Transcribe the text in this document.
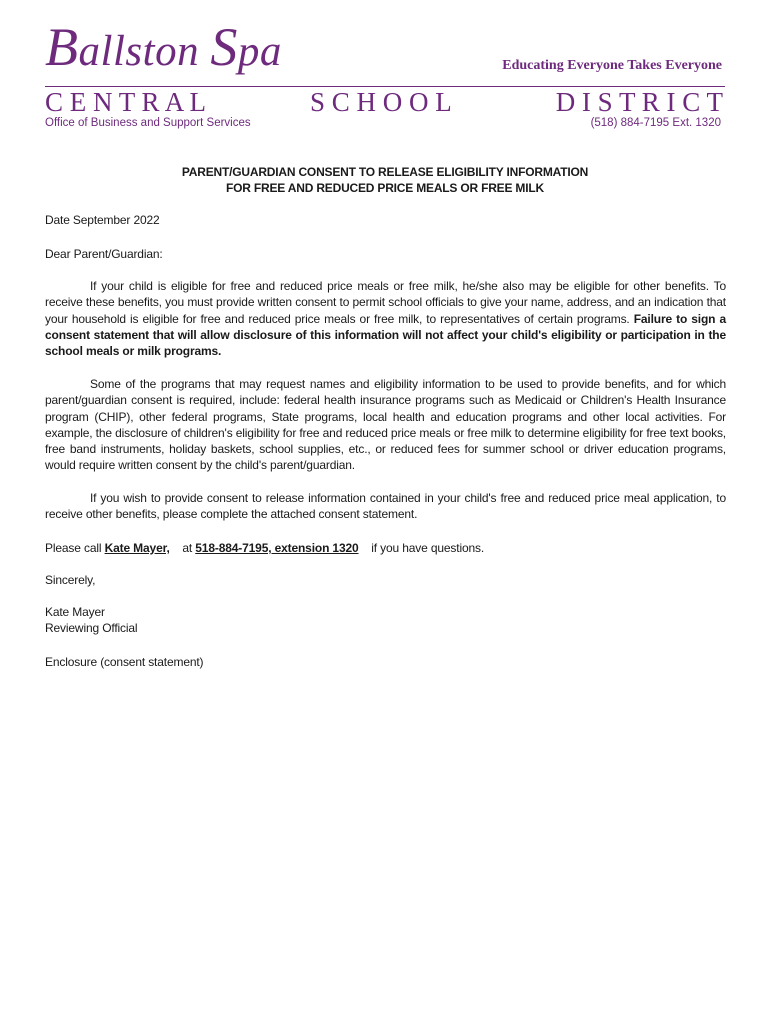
Ballston Spa	Educating Everyone Takes Everyone
C E N T R A L	S C H O O L	D I S T R I C T
Office of Business and Support Services	(518) 884-7195 Ext. 1320
PARENT/GUARDIAN CONSENT TO RELEASE ELIGIBILITY INFORMATION
FOR FREE AND REDUCED PRICE MEALS OR FREE MILK

Date September 2022

Dear Parent/Guardian:

If your child is eligible for free and reduced price meals or free milk, he/she also may be eligible for other benefits. To receive these benefits, you must provide written consent to permit school officials to give your name, address, and an indication that your household is eligible for free and reduced price meals or free milk, to representatives of certain programs. Failure to sign a consent statement that will allow disclosure of this information will not affect your child's eligibility or participation in the school meals or milk programs.

Some of the programs that may request names and eligibility information to be used to provide benefits, and for which parent/guardian consent is required, include: federal health insurance programs such as Medicaid or Children's Health Insurance program (CHIP), other federal programs, State programs, local health and education programs and other local activities. For example, the disclosure of children's eligibility for free and reduced price meals or free milk to determine eligibility for free text books, free band instruments, holiday baskets, school supplies, etc., or reduced fees for summer school or driver education programs, would require written consent by the child's parent/guardian.

If you wish to provide consent to release information contained in your child's free and reduced price meal application, to receive other benefits, please complete the attached consent statement.

Please call Kate Mayer,    at 518-884-7195, extension 1320    if you have questions.

Sincerely,

Kate Mayer

Reviewing Official

Enclosure (consent statement)
